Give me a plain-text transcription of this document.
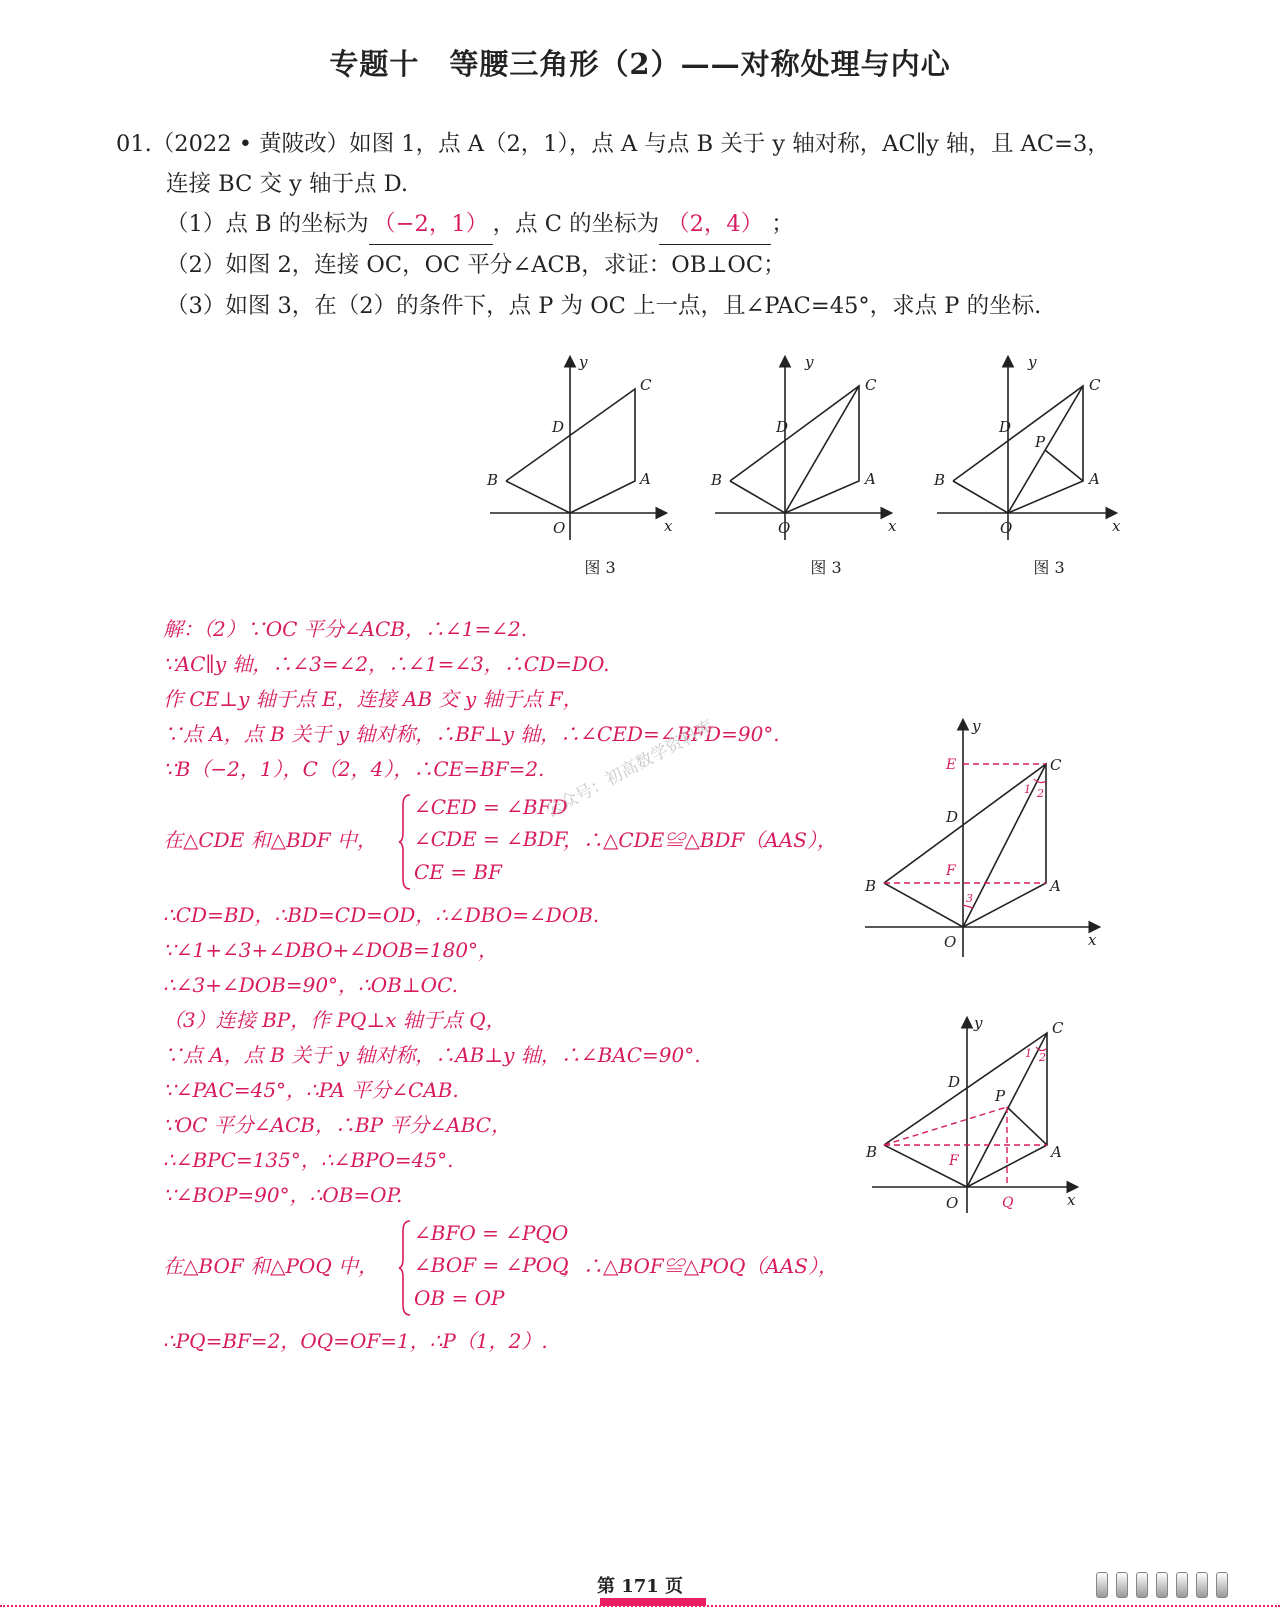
专题十　等腰三角形（2）——对称处理与内心
01.（2022 • 黄陂改）如图 1，点 A（2，1），点 A 与点 B 关于 y 轴对称，AC∥y 轴，且 AC=3，
连接 BC 交 y 轴于点 D.
（1）点 B 的坐标为 （−2，1） ，点 C 的坐标为 （2，4） ；
（2）如图 2，连接 OC，OC 平分∠ACB，求证：OB⊥OC；
（3）如图 3，在（2）的条件下，点 P 为 OC 上一点，且∠PAC=45°，求点 P 的坐标.
x
y
O
C
A
B
D
x
y
O
C
A
B
D
x
y
O
C
A
B
D
P
图 3	图 3	图 3
解：（2）∵OC 平分∠ACB，∴∠1=∠2.
∵AC∥y 轴，∴∠3=∠2，∴∠1=∠3，∴CD=DO.
作 CE⊥y 轴于点 E，连接 AB 交 y 轴于点 F，
∵点 A，点 B 关于 y 轴对称，∴BF⊥y 轴，∴∠CED=∠BFD=90°.
∵B（−2，1），C（2，4），∴CE=BF=2.
在△CDE 和△BDF 中，
∠CED = ∠BFD
∠CDE = ∠BDF
CE = BF
，∴△CDE≌△BDF（AAS），
∴CD=BD，∴BD=CD=OD，∴∠DBO=∠DOB.
∵∠1+∠3+∠DBO+∠DOB=180°，
∴∠3+∠DOB=90°，∴OB⊥OC.
（3）连接 BP，作 PQ⊥x 轴于点 Q，
∵点 A，点 B 关于 y 轴对称，∴AB⊥y 轴，∴∠BAC=90°.
∵∠PAC=45°，∴PA 平分∠CAB.
∵OC 平分∠ACB，∴BP 平分∠ABC，
∴∠BPC=135°，∴∠BPO=45°.
∵∠BOP=90°，∴OB=OP.
在△BOF 和△POQ 中，
∠BFO = ∠PQO
∠BOF = ∠POQ
OB = OP
，∴△BOF≌△POQ（AAS），
∴PQ=BF=2，OQ=OF=1，∴P（1，2）.
x
y
O
C
A
B
D
E
F
1 2
3
x
y
O
C
A
B
D
P
F
Q
1 2
公众号：初高数学资料库
第 171 页
